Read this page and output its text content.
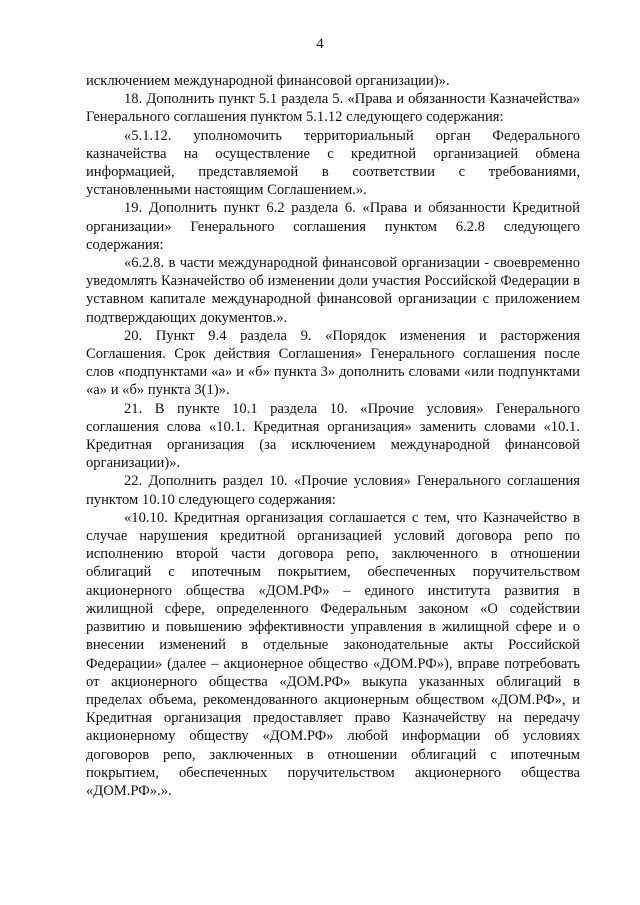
4

исключением международной финансовой организации)».

18. Дополнить пункт 5.1 раздела 5. «Права и обязанности Казначейства» Генерального соглашения пунктом 5.1.12 следующего содержания:

«5.1.12. уполномочить территориальный орган Федерального казначейства на осуществление с кредитной организацией обмена информацией, представляемой в соответствии с требованиями, установленными настоящим Соглашением.».

19. Дополнить пункт 6.2 раздела 6. «Права и обязанности Кредитной организации» Генерального соглашения пунктом 6.2.8 следующего содержания:

«6.2.8. в части международной финансовой организации - своевременно уведомлять Казначейство об изменении доли участия Российской Федерации в уставном капитале международной финансовой организации с приложением подтверждающих документов.».

20. Пункт 9.4 раздела 9. «Порядок изменения и расторжения Соглашения. Срок действия Соглашения» Генерального соглашения после слов «подпунктами «а» и «б» пункта 3» дополнить словами «или подпунктами «а» и «б» пункта 3(1)».

21. В пункте 10.1 раздела 10. «Прочие условия» Генерального соглашения слова «10.1. Кредитная организация» заменить словами «10.1. Кредитная организация (за исключением международной финансовой организации)».

22. Дополнить раздел 10. «Прочие условия» Генерального соглашения пунктом 10.10 следующего содержания:

«10.10. Кредитная организация соглашается с тем, что Казначейство в случае нарушения кредитной организацией условий договора репо по исполнению второй части договора репо, заключенного в отношении облигаций с ипотечным покрытием, обеспеченных поручительством акционерного общества «ДОМ.РФ» – единого института развития в жилищной сфере, определенного Федеральным законом «О содействии развитию и повышению эффективности управления в жилищной сфере и о внесении изменений в отдельные законодательные акты Российской Федерации» (далее – акционерное общество «ДОМ.РФ»), вправе потребовать от акционерного общества «ДОМ.РФ» выкупа указанных облигаций в пределах объема, рекомендованного акционерным обществом «ДОМ.РФ», и Кредитная организация предоставляет право Казначейству на передачу акционерному обществу «ДОМ.РФ» любой информации об условиях договоров репо, заключенных в отношении облигаций с ипотечным покрытием, обеспеченных поручительством акционерного общества «ДОМ.РФ».».
